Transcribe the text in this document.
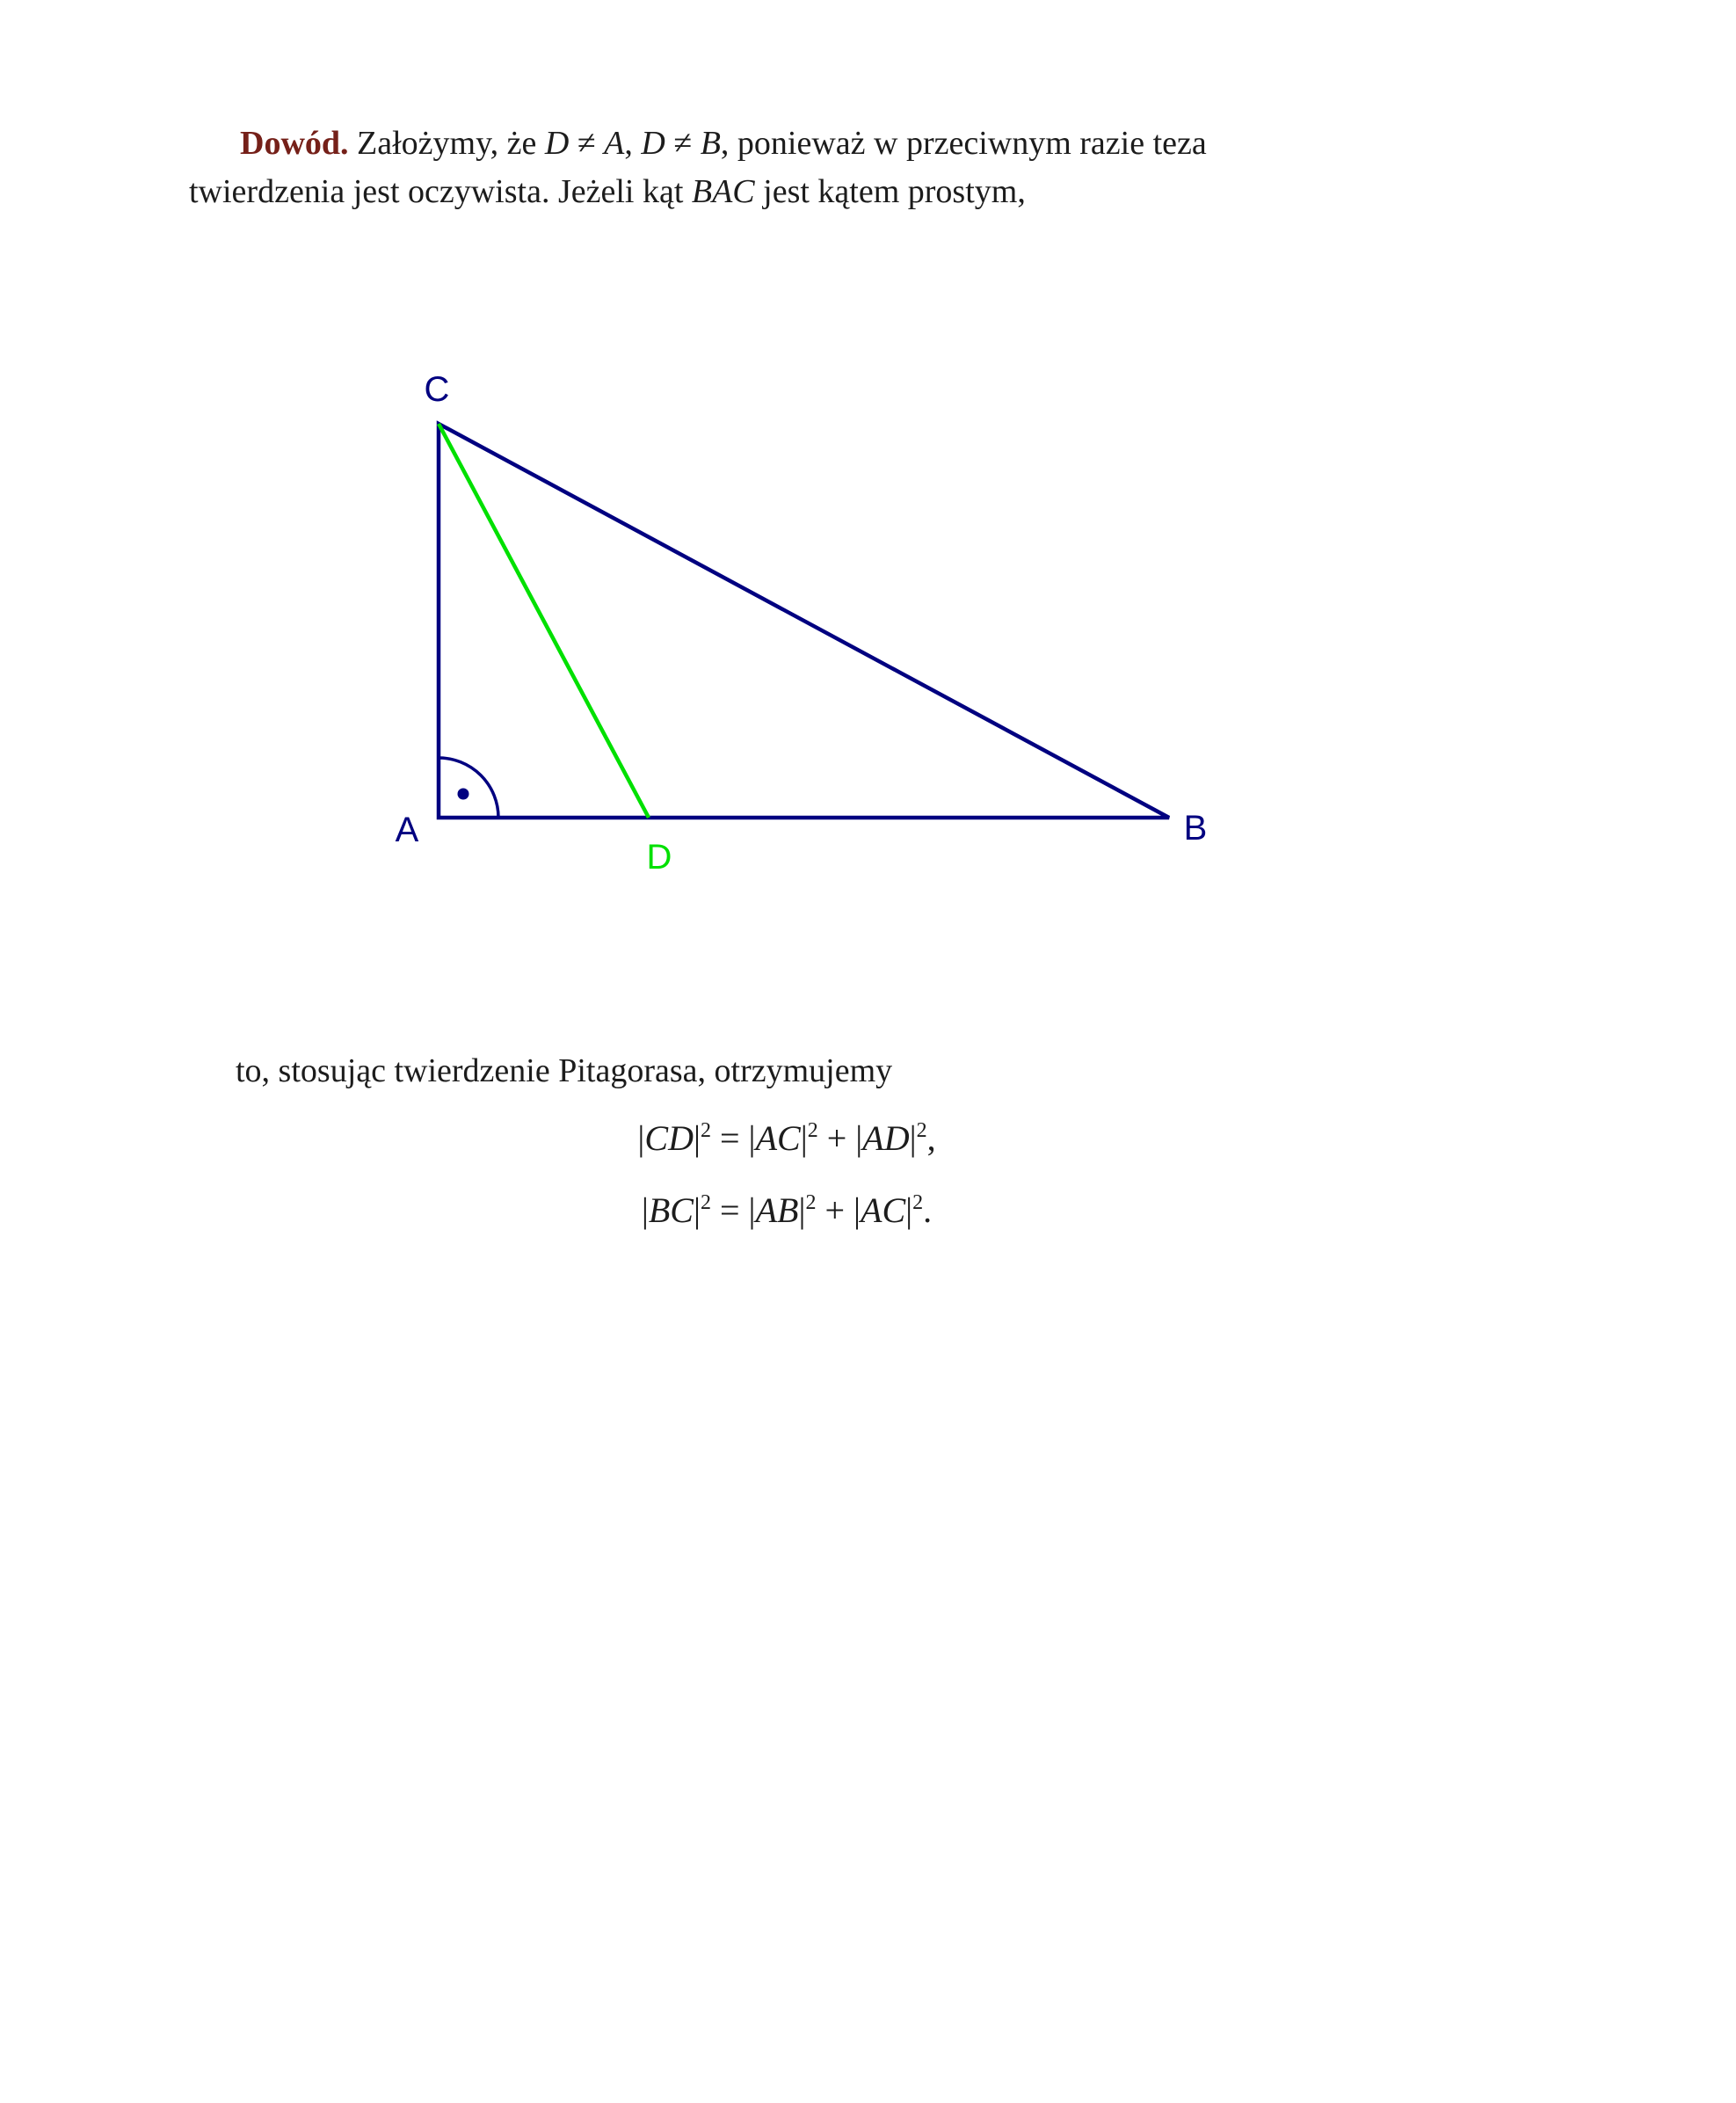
Dowód. Założymy, że D ≠ A, D ≠ B, ponieważ w przeciwnym razie teza
twierdzenia jest oczywista. Jeżeli kąt BAC jest kątem prostym,
C
A	B
D
to, stosując twierdzenie Pitagorasa, otrzymujemy
$|CD|^2 = |AC|^2 + |AD|^2$,
$|BC|^2 = |AB|^2 + |AC|^2$.
